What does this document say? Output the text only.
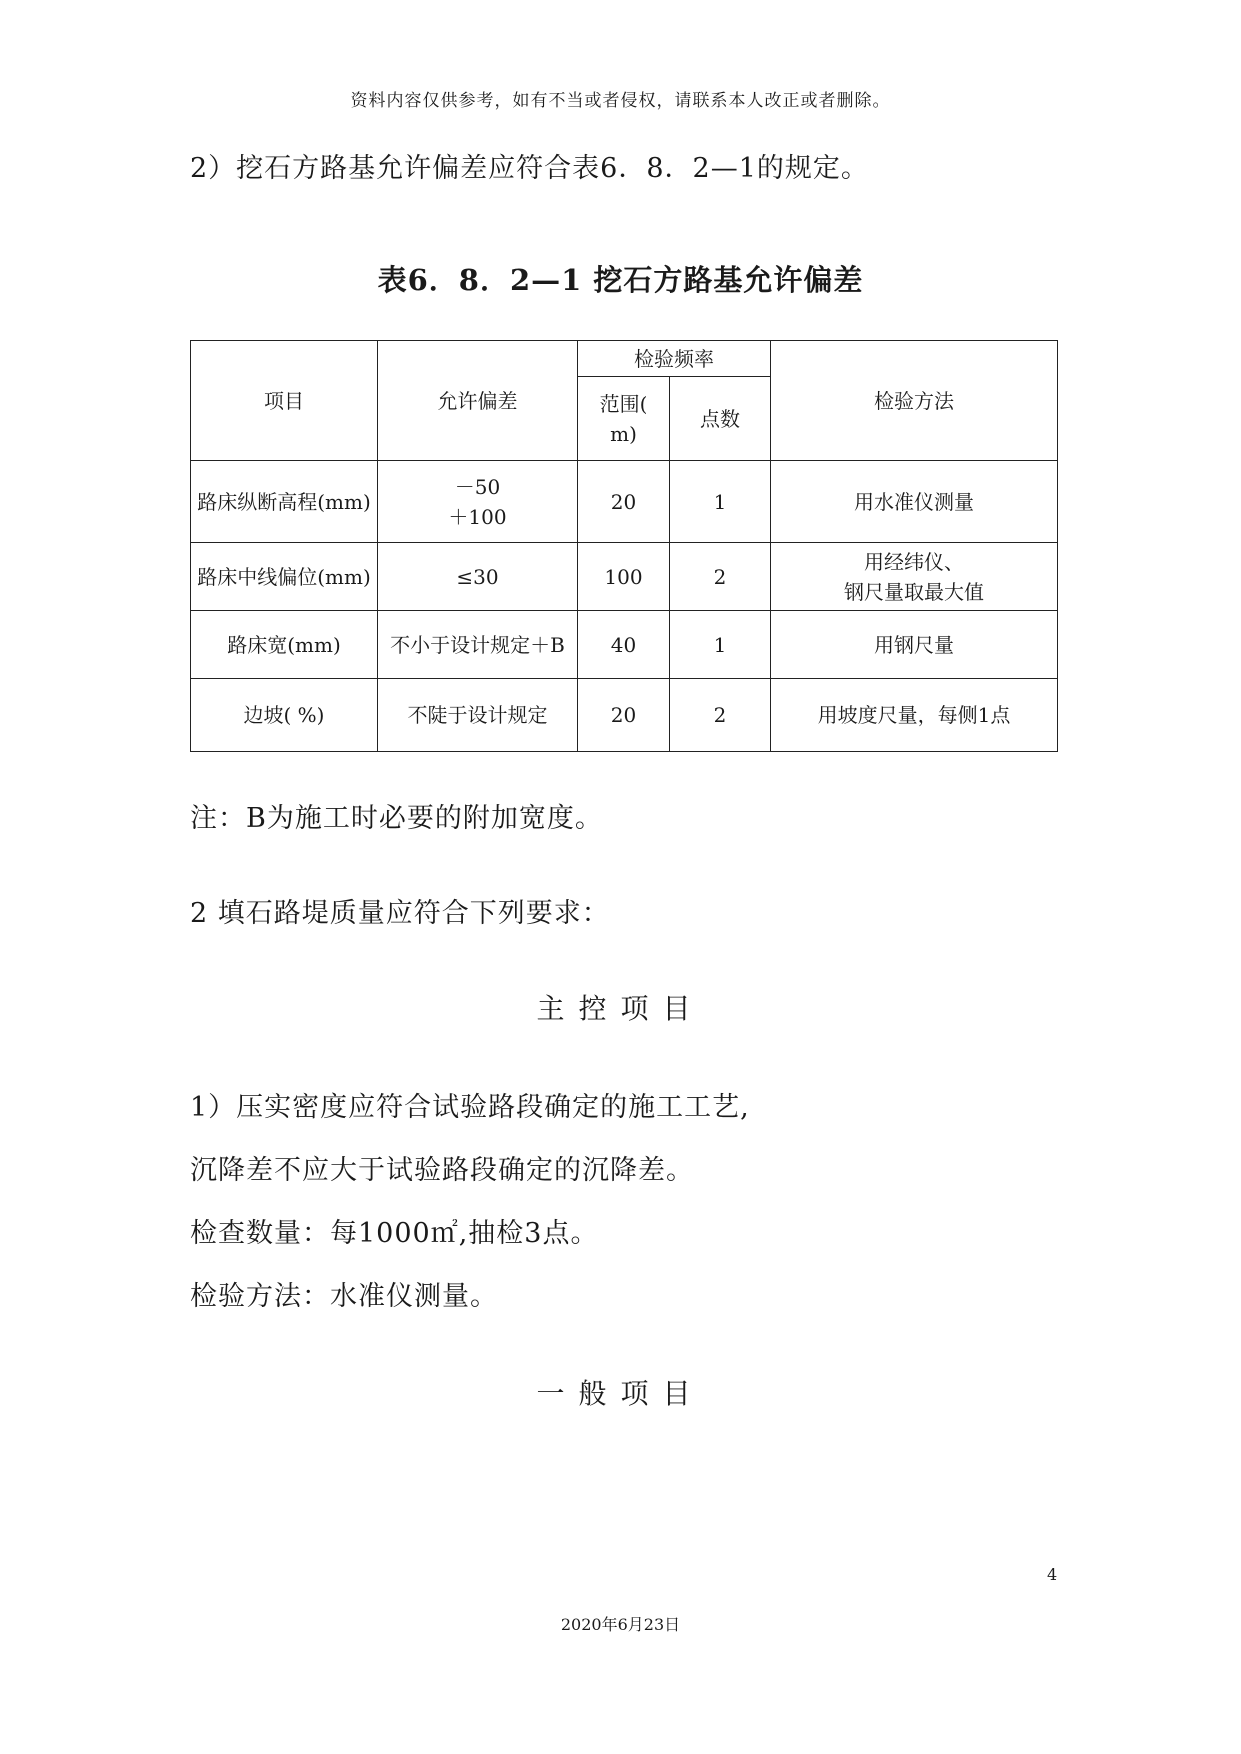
资料内容仅供参考，如有不当或者侵权，请联系本人改正或者删除。
2）挖石方路基允许偏差应符合表6．8．2—1的规定。
表6．8．2—1 挖石方路基允许偏差
项目	允许偏差	检验频率		检验方法

		范围(
m)	点数	
路床纵断高程(mm)	－50
＋100	20	1	用水准仪测量
路床中线偏位(mm)	≤30	100	2	用经纬仪、
钢尺量取最大值

路床宽(mm)	不小于设计规定＋B	40	1	用钢尺量
边坡( %)	不陡于设计规定	20	2	用坡度尺量，每侧1点
注：B为施工时必要的附加宽度。
2 填石路堤质量应符合下列要求：
主控项目
1）压实密度应符合试验路段确定的施工工艺,
沉降差不应大于试验路段确定的沉降差。
检查数量：每1000㎡,抽检3点。
检验方法：水准仪测量。
一般项目
4
2020年6月23日
